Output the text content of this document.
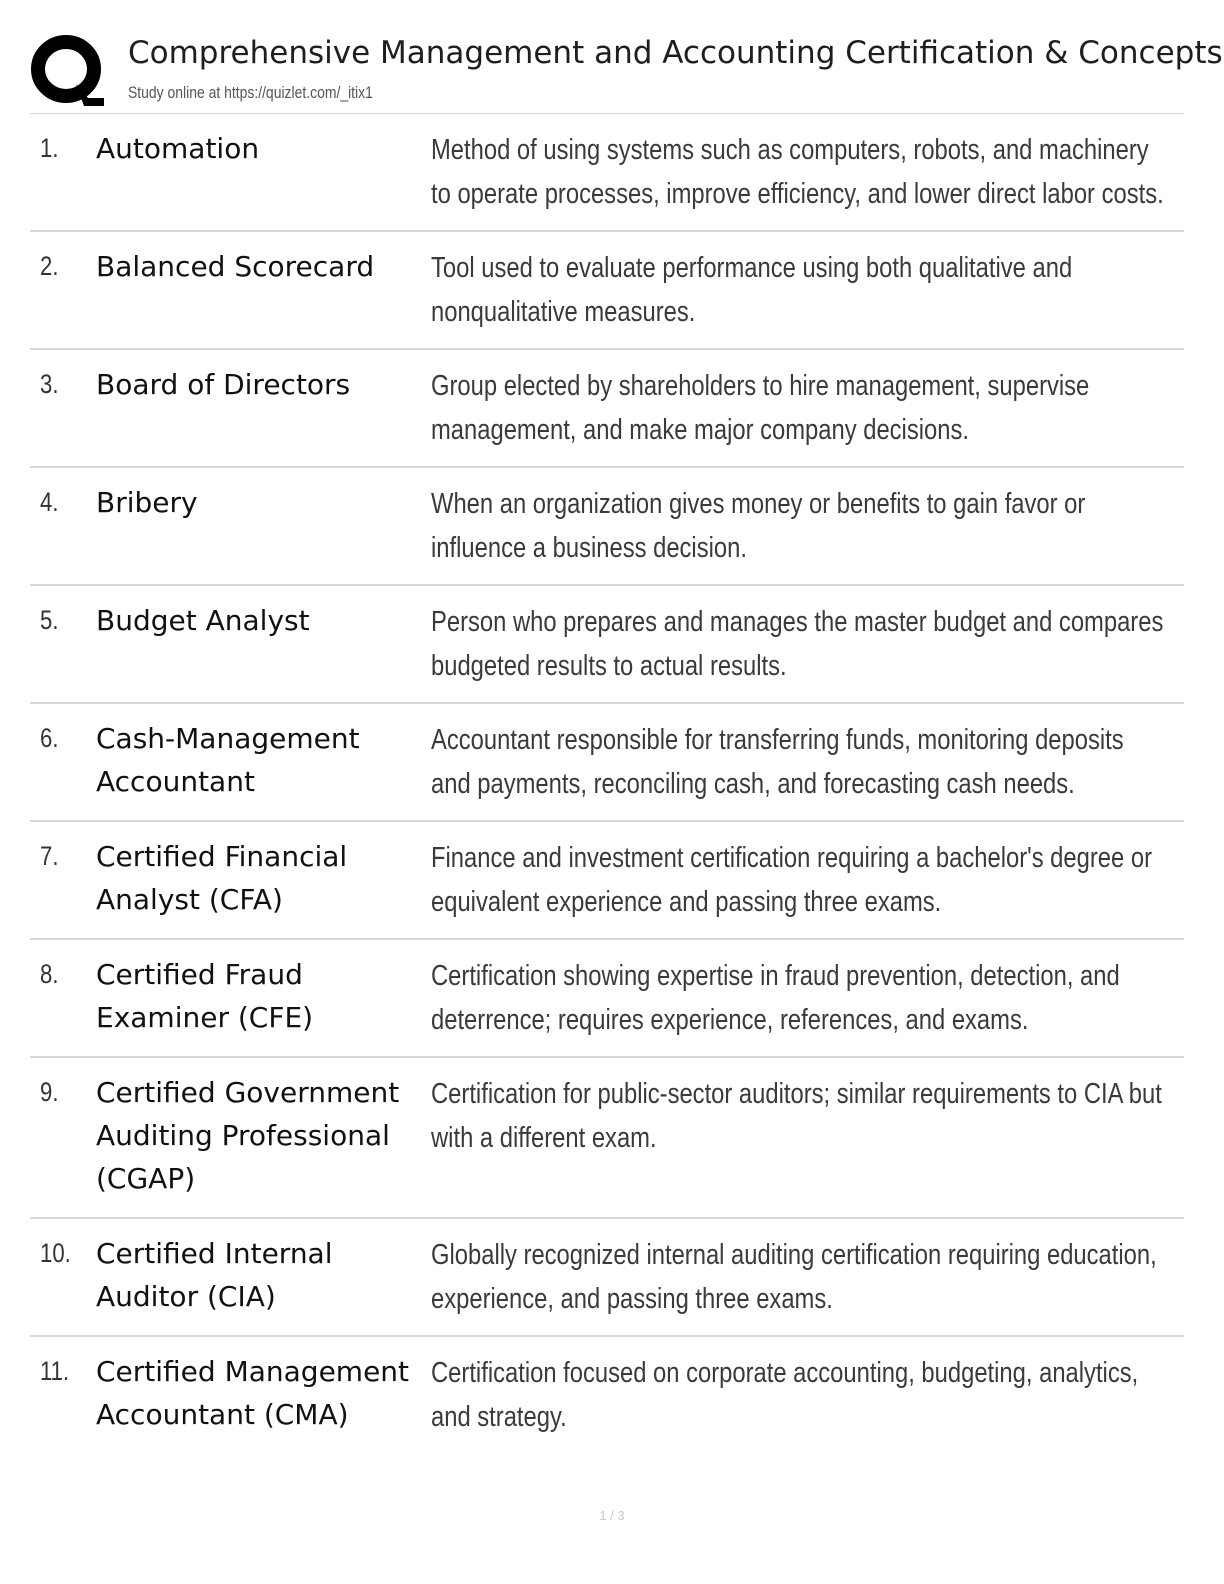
Comprehensive Management and Accounting Certification & Concepts
Study online at https://quizlet.com/_itix1
1. Automation	Method of using systems such as computers, robots, and machinery to operate processes, improve efficiency, and lower direct labor costs.
2. Balanced Scorecard	Tool used to evaluate performance using both qualitative and nonqualitative measures.
3. Board of Directors	Group elected by shareholders to hire management, supervise management, and make major company decisions.
4. Bribery	When an organization gives money or benefits to gain favor or influence a business decision.
5. Budget Analyst	Person who prepares and manages the master budget and compares budgeted results to actual results.
6. Cash-Management Accountant
Accountant responsible for transferring funds, monitoring deposits and payments, reconciling cash, and forecasting cash needs.
7. Certified Financial Analyst (CFA)
Finance and investment certification requiring a bachelor's degree or equivalent experience and passing three exams.
8. Certified Fraud Examiner (CFE)
Certification showing expertise in fraud prevention, detection, and deterrence; requires experience, references, and exams.
9. Certified Government Auditing Professional (CGAP)
Certification for public-sector auditors; similar requirements to CIA but with a different exam.
10. Certified Internal Auditor (CIA)
Globally recognized internal auditing certification requiring education, experience, and passing three exams.
11. Certified Management Accountant (CMA)
Certification focused on corporate accounting, budgeting, analytics, and strategy.
1 / 3
